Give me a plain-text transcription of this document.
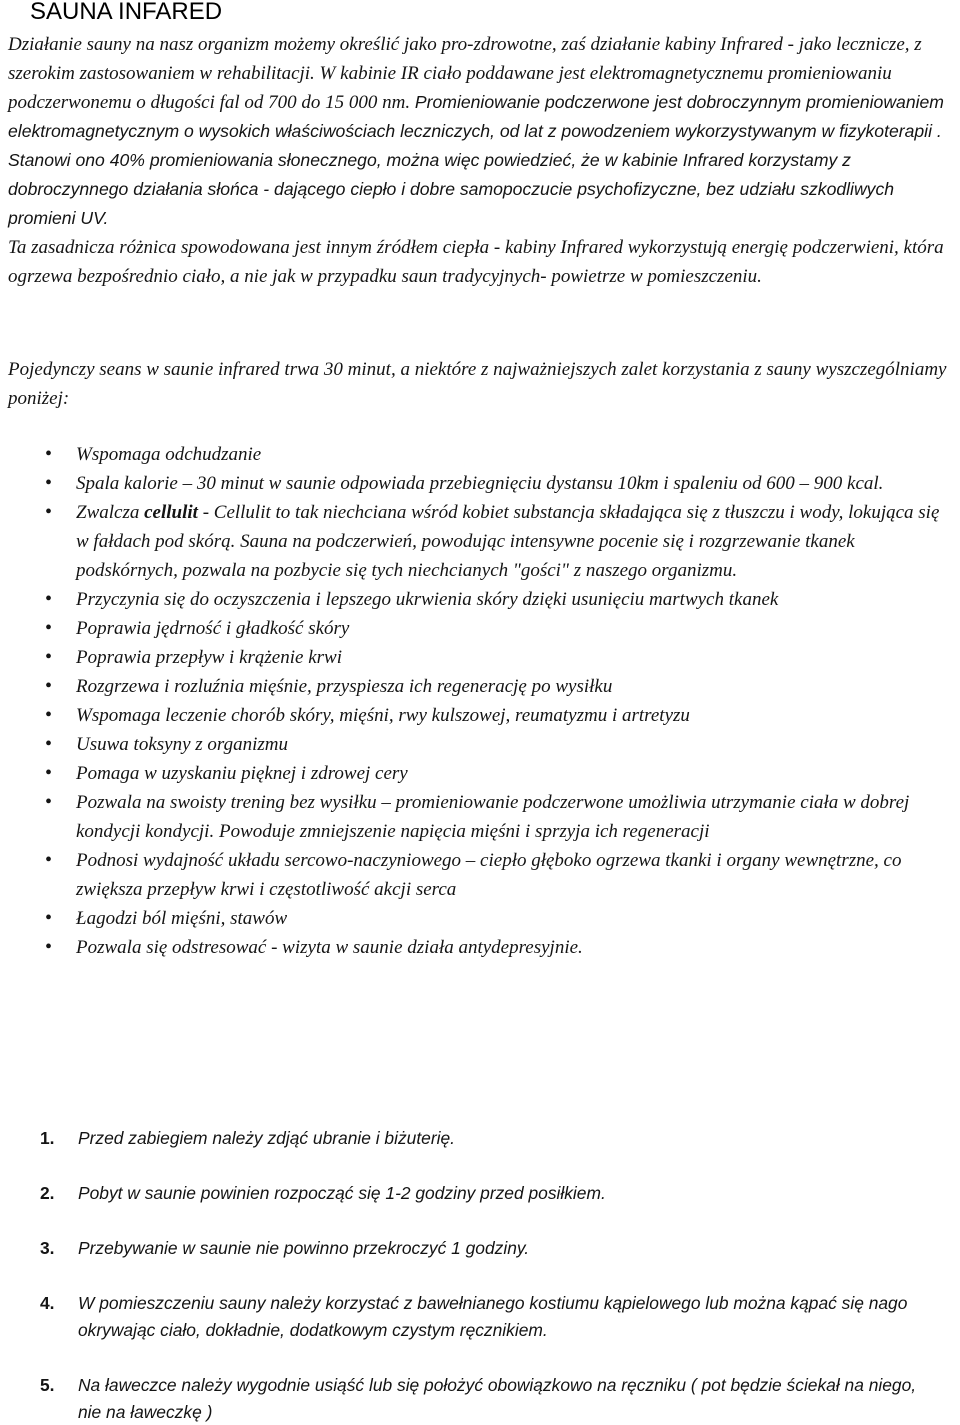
SAUNA INFARED

Działanie sauny na nasz organizm możemy określić jako pro-zdrowotne, zaś działanie kabiny Infrared - jako lecznicze, z szerokim zastosowaniem w rehabilitacji. W kabinie IR ciało poddawane jest elektromagnetycznemu promieniowaniu podczerwonemu o długości fal od 700 do 15 000 nm. Promieniowanie podczerwone jest dobroczynnym promieniowaniem elektromagnetycznym o wysokich właściwościach leczniczych, od lat z powodzeniem wykorzystywanym w fizykoterapii . Stanowi ono 40% promieniowania słonecznego, można więc powiedzieć, że w kabinie Infrared korzystamy z dobroczynnego działania słońca - dającego ciepło i dobre samopoczucie psychofizyczne, bez udziału szkodliwych promieni UV.

Ta zasadnicza różnica spowodowana jest innym źródłem ciepła - kabiny Infrared wykorzystują energię podczerwieni, która ogrzewa bezpośrednio ciało, a nie jak w przypadku saun tradycyjnych- powietrze w pomieszczeniu.

Pojedynczy seans w saunie infrared trwa 30 minut, a niektóre z najważniejszych zalet korzystania z sauny wyszczególniamy poniżej:

• Wspomaga odchudzanie
• Spala kalorie – 30 minut w saunie odpowiada przebiegnięciu dystansu 10km i spaleniu od 600 – 900 kcal.
• Zwalcza cellulit - Cellulit to tak niechciana wśród kobiet substancja składająca się z tłuszczu i wody, lokująca się w fałdach pod skórą. Sauna na podczerwień, powodując intensywne pocenie się i rozgrzewanie tkanek podskórnych, pozwala na pozbycie się tych niechcianych "gości" z naszego organizmu.
• Przyczynia się do oczyszczenia i lepszego ukrwienia skóry dzięki usunięciu martwych tkanek
• Poprawia jędrność i gładkość skóry
• Poprawia przepływ i krążenie krwi
• Rozgrzewa i rozluźnia mięśnie, przyspiesza ich regenerację po wysiłku
• Wspomaga leczenie chorób skóry, mięśni, rwy kulszowej, reumatyzmu i artretyzu
• Usuwa toksyny z organizmu
• Pomaga w uzyskaniu pięknej i zdrowej cery
• Pozwala na swoisty trening bez wysiłku – promieniowanie podczerwone umożliwia utrzymanie ciała w dobrej kondycji kondycji. Powoduje zmniejszenie napięcia mięśni i sprzyja ich regeneracji
• Podnosi wydajność układu sercowo-naczyniowego – ciepło głęboko ogrzewa tkanki i organy wewnętrzne, co zwiększa przepływ krwi i częstotliwość akcji serca
• Łagodzi ból mięśni, stawów
• Pozwala się odstresować - wizyta w saunie działa antydepresyjnie.
1. Przed zabiegiem należy zdjąć ubranie i biżuterię.
2. Pobyt w saunie powinien rozpocząć się 1-2 godziny przed posiłkiem.
3. Przebywanie w saunie nie powinno przekroczyć 1 godziny.
4. W pomieszczeniu sauny należy korzystać z bawełnianego kostiumu kąpielowego lub można kąpać się nago okrywając ciało, dokładnie, dodatkowym czystym ręcznikiem.
5. Na ławeczce należy wygodnie usiąść lub się położyć obowiązkowo na ręczniku ( pot będzie ściekał na niego, nie na ławeczkę )
